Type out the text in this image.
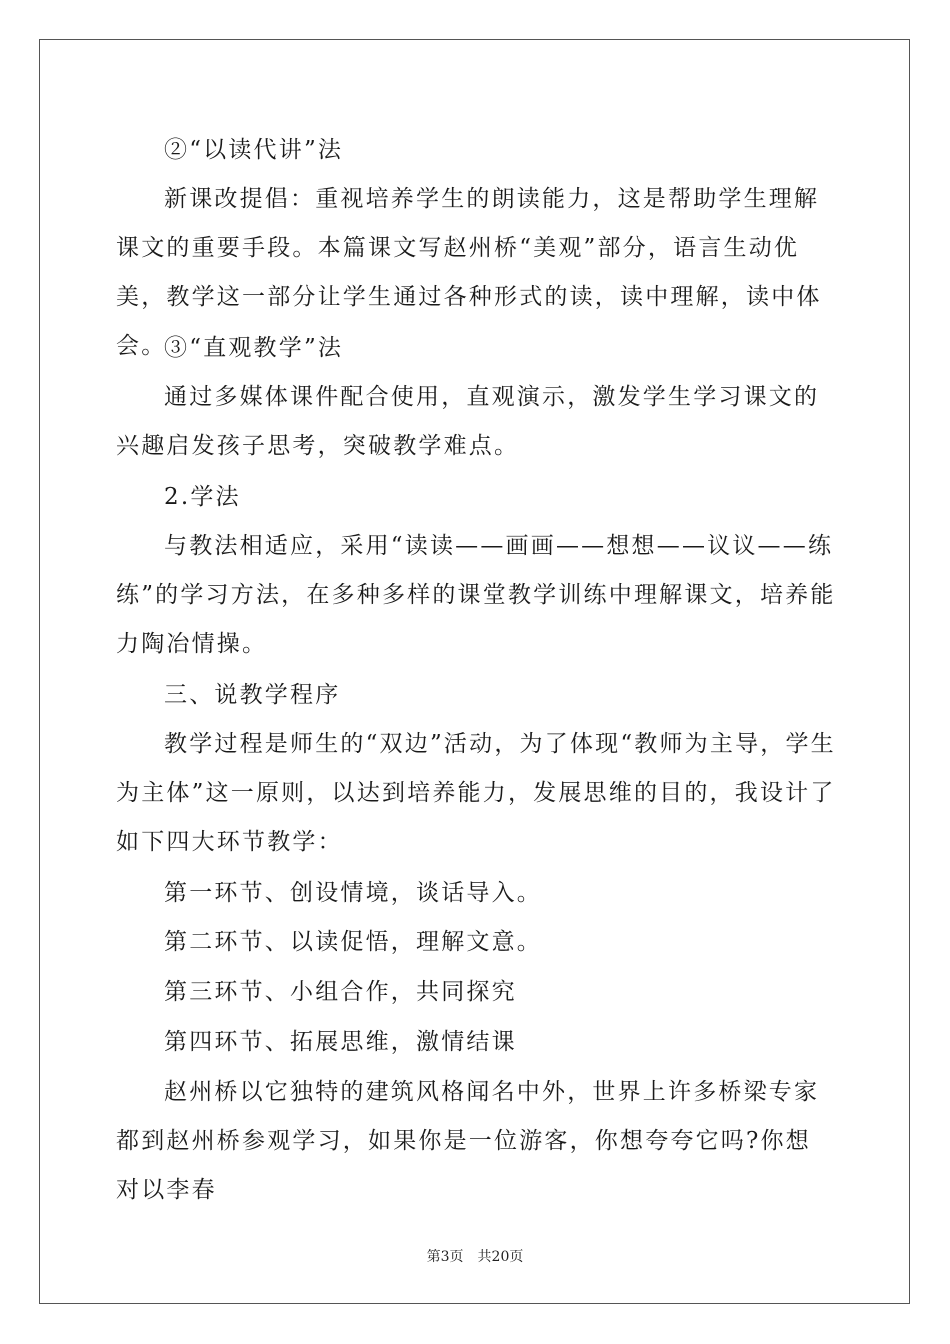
②“以读代讲”法

新课改提倡：重视培养学生的朗读能力，这是帮助学生理解课文的重要手段。本篇课文写赵州桥“美观”部分，语言生动优美，教学这一部分让学生通过各种形式的读，读中理解，读中体会。

③“直观教学”法

通过多媒体课件配合使用，直观演示，激发学生学习课文的兴趣启发孩子思考，突破教学难点。

2.学法

与教法相适应，采用“读读——画画——想想——议议——练练”的学习方法，在多种多样的课堂教学训练中理解课文，培养能力陶冶情操。

三、说教学程序

教学过程是师生的“双边”活动，为了体现“教师为主导，学生为主体”这一原则，以达到培养能力，发展思维的目的，我设计了如下四大环节教学：

第一环节、创设情境，谈话导入。

第二环节、以读促悟，理解文意。

第三环节、小组合作，共同探究

第四环节、拓展思维，激情结课

赵州桥以它独特的建筑风格闻名中外，世界上许多桥梁专家都到赵州桥参观学习，如果你是一位游客，你想夸夸它吗?你想对以李春

第3页 共20页
